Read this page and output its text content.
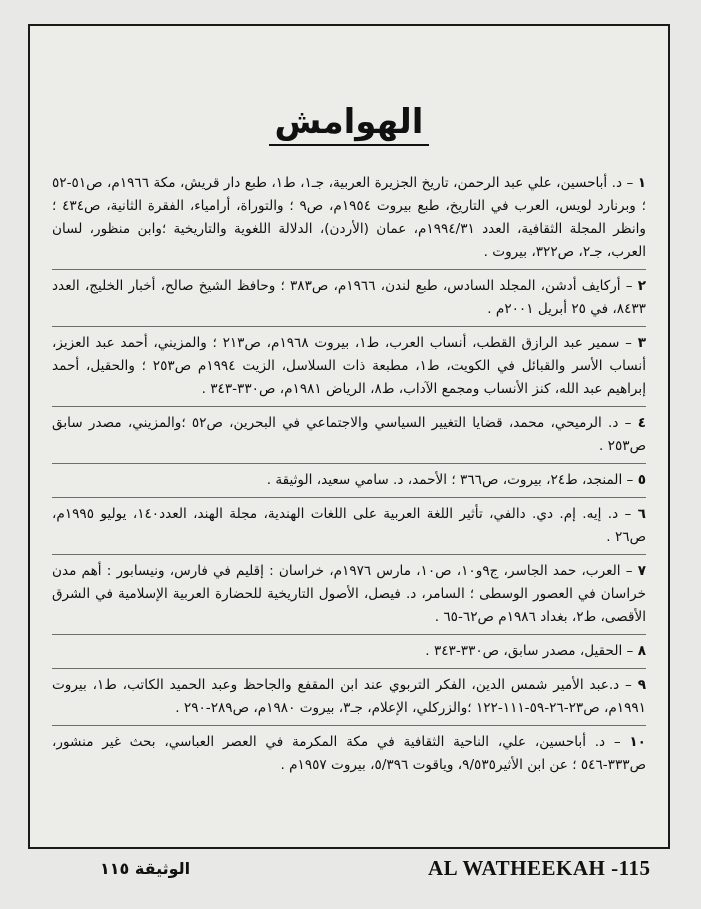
الهوامش
١ – د. أباحسين، علي عبد الرحمن، تاريخ الجزيرة العربية، جـ١، ط١، طبع دار قريش، مكة ١٩٦٦م، ص٥١-٥٢ ؛ وبرنارد لويس، العرب في التاريخ، طبع بيروت ١٩٥٤م، ص٩ ؛ والتوراة، أرامياء، الفقرة الثانية، ص٤٣٤ ؛وانظر المجلة الثقافية، العدد ١٩٩٤/٣١م، عمان (الأردن)، الدلالة اللغوية والتاريخية ؛وابن منظور، لسان العرب، جـ٢، ص٣٢٢، بيروت .
٢ – أركايف أدشن، المجلد السادس، طبع لندن، ١٩٦٦م، ص٣٨٣ ؛ وحافظ الشيخ صالح، أخبار الخليج، العدد ٨٤٣٣، في ٢٥ أبريل ٢٠٠١م .
٣ – سمير عبد الرازق القطب، أنساب العرب، ط١، بيروت ١٩٦٨م، ص٢١٣ ؛ والمزيني، أحمد عبد العزيز، أنساب الأسر والقبائل في الكويت، ط١، مطبعة ذات السلاسل، الزيت ١٩٩٤م ص٢٥٣ ؛ والحقيل، أحمد إبراهيم عبد الله، كنز الأنساب ومجمع الآداب، ط٨، الرياض ١٩٨١م، ص٣٣٠-٣٤٣ .
٤ – د. الرميحي، محمد، قضايا التغيير السياسي والاجتماعي في البحرين، ص٥٢ ؛والمزيني، مصدر سابق ص٢٥٣ .
٥ – المنجد، ط٢٤، بيروت، ص٣٦٦ ؛ الأحمد، د. سامي سعيد، الوثيقة .
٦ – د. إيه. إم. دي. دالفي، تأثير اللغة العربية على اللغات الهندية، مجلة الهند، العدد١٤٠، يوليو ١٩٩٥م، ص٢٦ .
٧ – العرب، حمد الجاسر، ج٩و١٠، ص١٠، مارس ١٩٧٦م، خراسان : إقليم في فارس، ونيسابور : أهم مدن خراسان في العصور الوسطى ؛ السامر، د. فيصل، الأصول التاريخية للحضارة العربية الإسلامية في الشرق الأقصى، ط٢، بغداد ١٩٨٦م ص٦٢-٦٥ .
٨ – الحقيل، مصدر سابق، ص٣٣٠-٣٤٣ .
٩ – د.عبد الأمير شمس الدين، الفكر التربوي عند ابن المقفع والجاحظ وعبد الحميد الكاتب، ط١، بيروت ١٩٩١م، ص٢٣-٢٦-٥٩-١١١-١٢٢ ؛والزركلي، الإعلام، جـ٣، بيروت ١٩٨٠م، ص٢٨٩-٢٩٠ .
١٠ – د. أباحسين، علي، الناحية الثقافية في مكة المكرمة في العصر العباسي، بحث غير منشور، ص٣٣٣-٥٤٦ ؛ عن ابن الأثير٩/٥٣٥، وياقوت ٥/٣٩٦، بيروت ١٩٥٧م .
AL WATHEEKAH -115
الوثيقة ١١٥
